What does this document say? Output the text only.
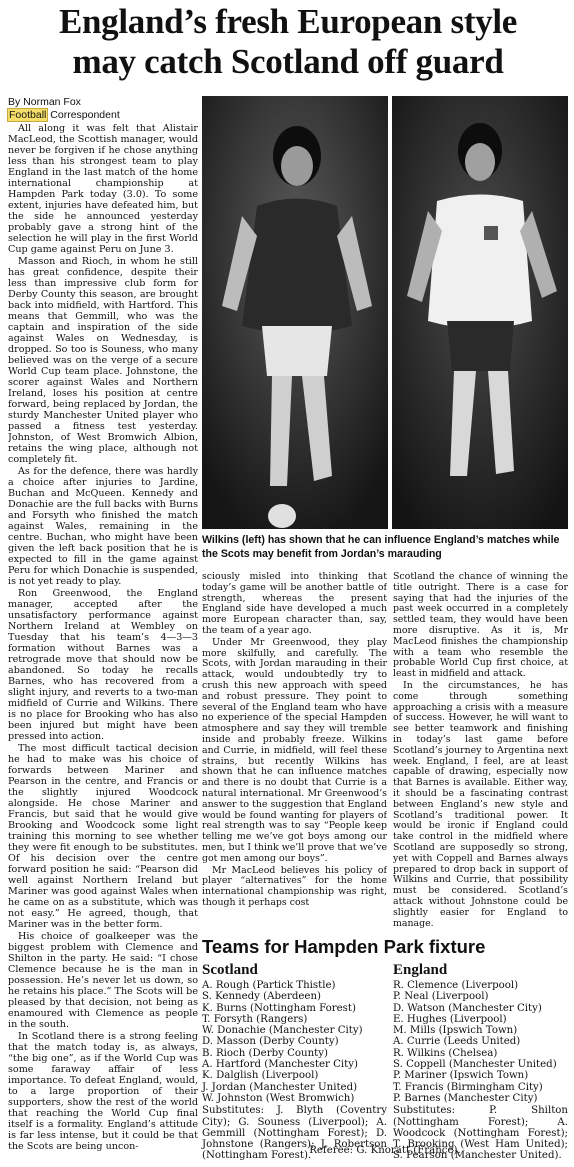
England’s fresh European style
may catch Scotland off guard
By Norman Fox
Football Correspondent

All along it was felt that Alistair MacLeod, the Scottish manager, would never be forgiven if he chose anything less than his strongest team to play England in the last match of the home international championship at Hampden Park today (3.0). To some extent, injuries have defeated him, but the side he announced yesterday probably gave a strong hint of the selection he will play in the first World Cup game against Peru on June 3.

Masson and Rioch, in whom he still has great confidence, despite their less than impressive club form for Derby County this season, are brought back into midfield, with Hartford. This means that Gemmill, who was the captain and inspiration of the side against Wales on Wednesday, is dropped. So too is Souness, who many believed was on the verge of a secure World Cup team place. Johnstone, the scorer against Wales and Northern Ireland, loses his position at centre forward, being replaced by Jordan, the sturdy Manchester United player who passed a fitness test yesterday. Johnston, of West Bromwich Albion, retains the wing place, although not completely fit.

As for the defence, there was hardly a choice after injuries to Jardine, Buchan and McQueen. Kennedy and Donachie are the full backs with Burns and Forsyth who finished the match against Wales, remaining in the centre. Buchan, who might have been given the left back position that he is expected to fill in the game against Peru for which Donachie is suspended, is not yet ready to play.

Ron Greenwood, the England manager, accepted after the unsatisfactory performance against Northern Ireland at Wembley on Tuesday that his team’s 4—3—3 formation without Barnes was a retrograde move that should now be abandoned. So today he recalls Barnes, who has recovered from a slight injury, and reverts to a two-man midfield of Currie and Wilkins. There is no place for Brooking who has also been injured but might have been pressed into action.

The most difficult tactical decision he had to make was his choice of forwards between Mariner and Pearson in the centre, and Francis or the slightly injured Woodcock alongside. He chose Mariner and Francis, but said that he would give Brooking and Woodcock some light training this morning to see whether they were fit enough to be substitutes. Of his decision over the centre forward position he said: “Pearson did well against Northern Ireland but Mariner was good against Wales when he came on as a substitute, which was not easy.” He agreed, though, that Mariner was in the better form.

His choice of goalkeeper was the biggest problem with Clemence and Shilton in the party. He said: “I chose Clemence because he is the man in possession. He’s never let us down, so he retains his place.” The Scots will be pleased by that decision, not being as enamoured with Clemence as people in the south.

In Scotland there is a strong feeling that the match today is, as always, “the big one”, as if the World Cup was some faraway affair of less importance. To defeat England, would, to a large proportion of their supporters, show the rest of the world that reaching the World Cup final itself is a formality. England’s attitude is far less intense, but it could be that the Scots are being uncon-

Wilkins (left) has shown that he can influence England’s matches while the Scots may benefit from Jordan’s marauding

sciously misled into thinking that today’s game will be another battle of strength, whereas the present England side have developed a much more European character than, say, the team of a year ago.

Under Mr Greenwood, they play more skilfully, and carefully. The Scots, with Jordan marauding in their attack, would undoubtedly try to crush this new approach with speed and robust pressure. They point to several of the England team who have no experience of the special Hampden atmosphere and say they will tremble inside and probably freeze. Wilkins and Currie, in midfield, will feel these strains, but recently Wilkins has shown that he can influence matches and there is no doubt that Currie is a natural international. Mr Greenwood’s answer to the suggestion that England would be found wanting for players of real strength was to say “People keep telling me we’ve got boys among our men, but I think we’ll prove that we’ve got men among our boys”.

Mr MacLeod believes his policy of player “alternatives” for the home international championship was right, though it perhaps cost

Scotland the chance of winning the title outright. There is a case for saying that had the injuries of the past week occurred in a completely settled team, they would have been more disruptive. As it is, Mr MacLeod finishes the championship with a team who resemble the probable World Cup first choice, at least in midfield and attack.

In the circumstances, he has come through something approaching a crisis with a measure of success. However, he will want to see better teamwork and finishing in today’s last game before Scotland’s journey to Argentina next week. England, I feel, are at least capable of drawing, especially now that Barnes is available. Either way, it should be a fascinating contrast between England’s new style and Scotland’s traditional power. It would be ironic if England could take control in the midfield where Scotland are supposedly so strong, yet with Coppell and Barnes always prepared to drop back in support of Wilkins and Currie, that possibility must be considered. Scotland’s attack without Johnstone could be slightly easier for England to manage.

Teams for Hampden Park fixture
Scotland
A. Rough (Partick Thistle)
S. Kennedy (Aberdeen)
K. Burns (Nottingham Forest)
T. Forsyth (Rangers)
W. Donachie (Manchester City)
D. Masson (Derby County)
B. Rioch (Derby County)
A. Hartford (Manchester City)
K. Dalglish (Liverpool)
J. Jordan (Manchester United)
W. Johnston (West Bromwich)
Substitutes: J. Blyth (Coventry City); G. Souness (Liverpool); A. Gemmill (Nottingham Forest); D. Johnstone (Rangers); J. Robertson (Nottingham Forest).
England
R. Clemence (Liverpool)
P. Neal (Liverpool)
D. Watson (Manchester City)
E. Hughes (Liverpool)
M. Mills (Ipswich Town)
A. Currie (Leeds United)
R. Wilkins (Chelsea)
S. Coppell (Manchester United)
P. Mariner (Ipswich Town)
T. Francis (Birmingham City)
P. Barnes (Manchester City)
Substitutes: P. Shilton (Nottingham Forest); A. Woodcock (Nottingham Forest); T. Brooking (West Ham United); S. Pearson (Manchester United).
Referee: G. Knoratt (France).
